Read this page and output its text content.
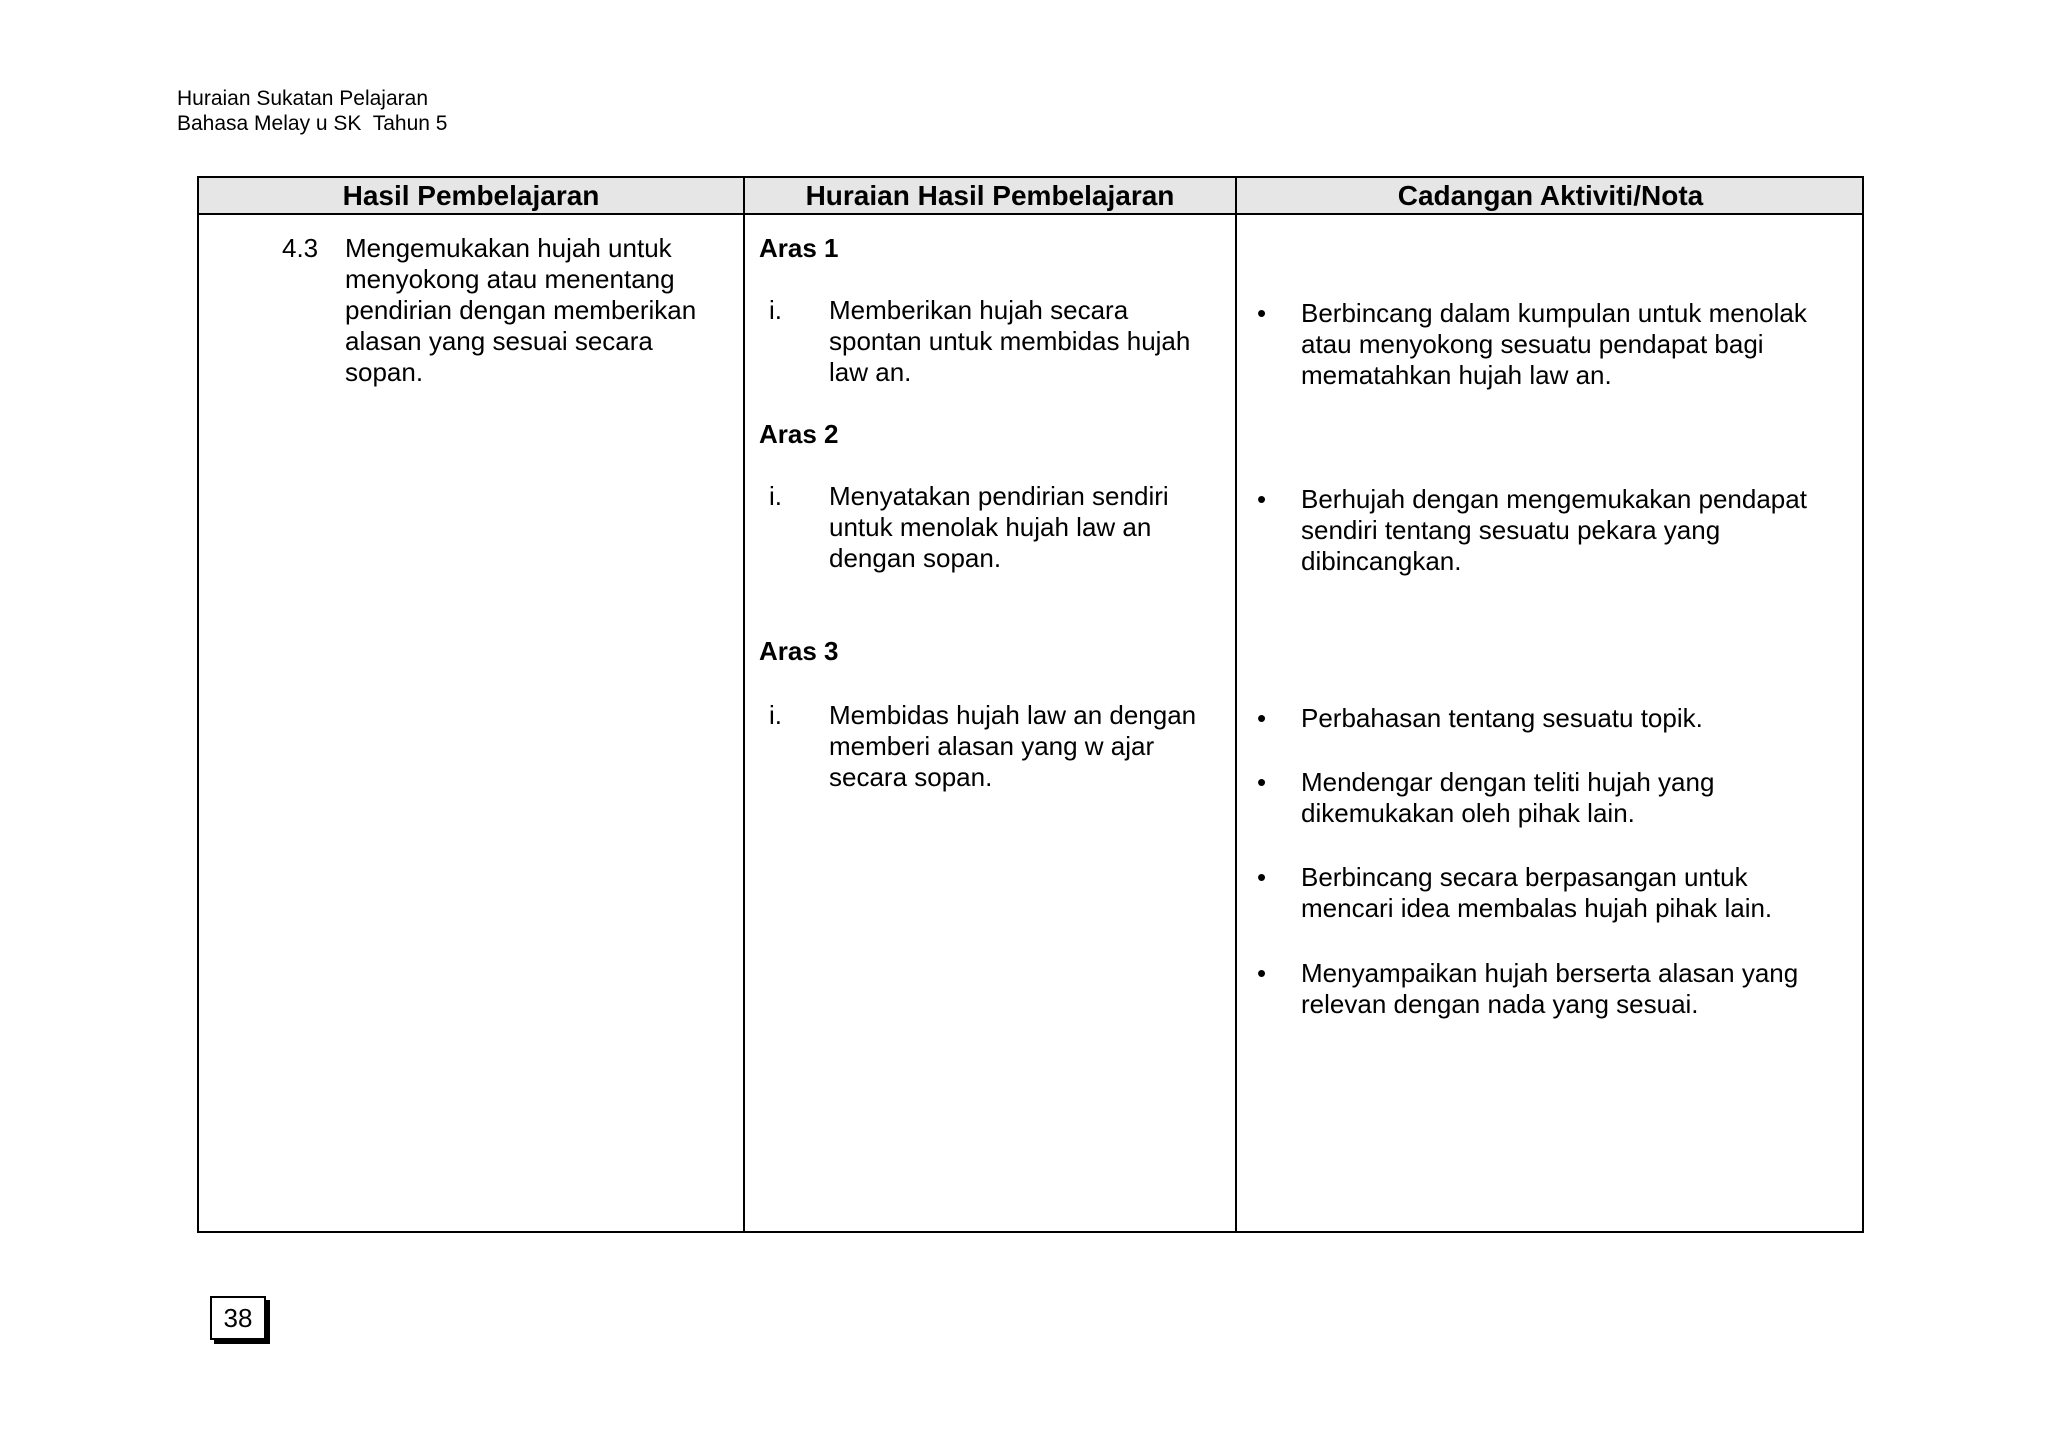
Huraian Sukatan Pelajaran
Bahasa Melay u SK  Tahun 5
Hasil Pembelajaran	Huraian Hasil Pembelajaran	Cadangan Aktiviti/Nota
4.3 Mengemukakan hujah untuk
menyokong atau menentang
pendirian dengan memberikan
alasan yang sesuai secara
sopan.
Aras 1
i. Memberikan hujah secara
spontan untuk membidas hujah
law an.
Aras 2
i. Menyatakan pendirian sendiri
untuk menolak hujah law an
dengan sopan.
Aras 3
i. Membidas hujah law an dengan
memberi alasan yang w ajar
secara sopan.
• Berbincang dalam kumpulan untuk menolak
atau menyokong sesuatu pendapat bagi
mematahkan hujah law an.
• Berhujah dengan mengemukakan pendapat
sendiri tentang sesuatu pekara yang
dibincangkan.
• Perbahasan tentang sesuatu topik.
• Mendengar dengan teliti hujah yang
dikemukakan oleh pihak lain.
• Berbincang secara berpasangan untuk
mencari idea membalas hujah pihak lain.
• Menyampaikan hujah berserta alasan yang
relevan dengan nada yang sesuai.
38
